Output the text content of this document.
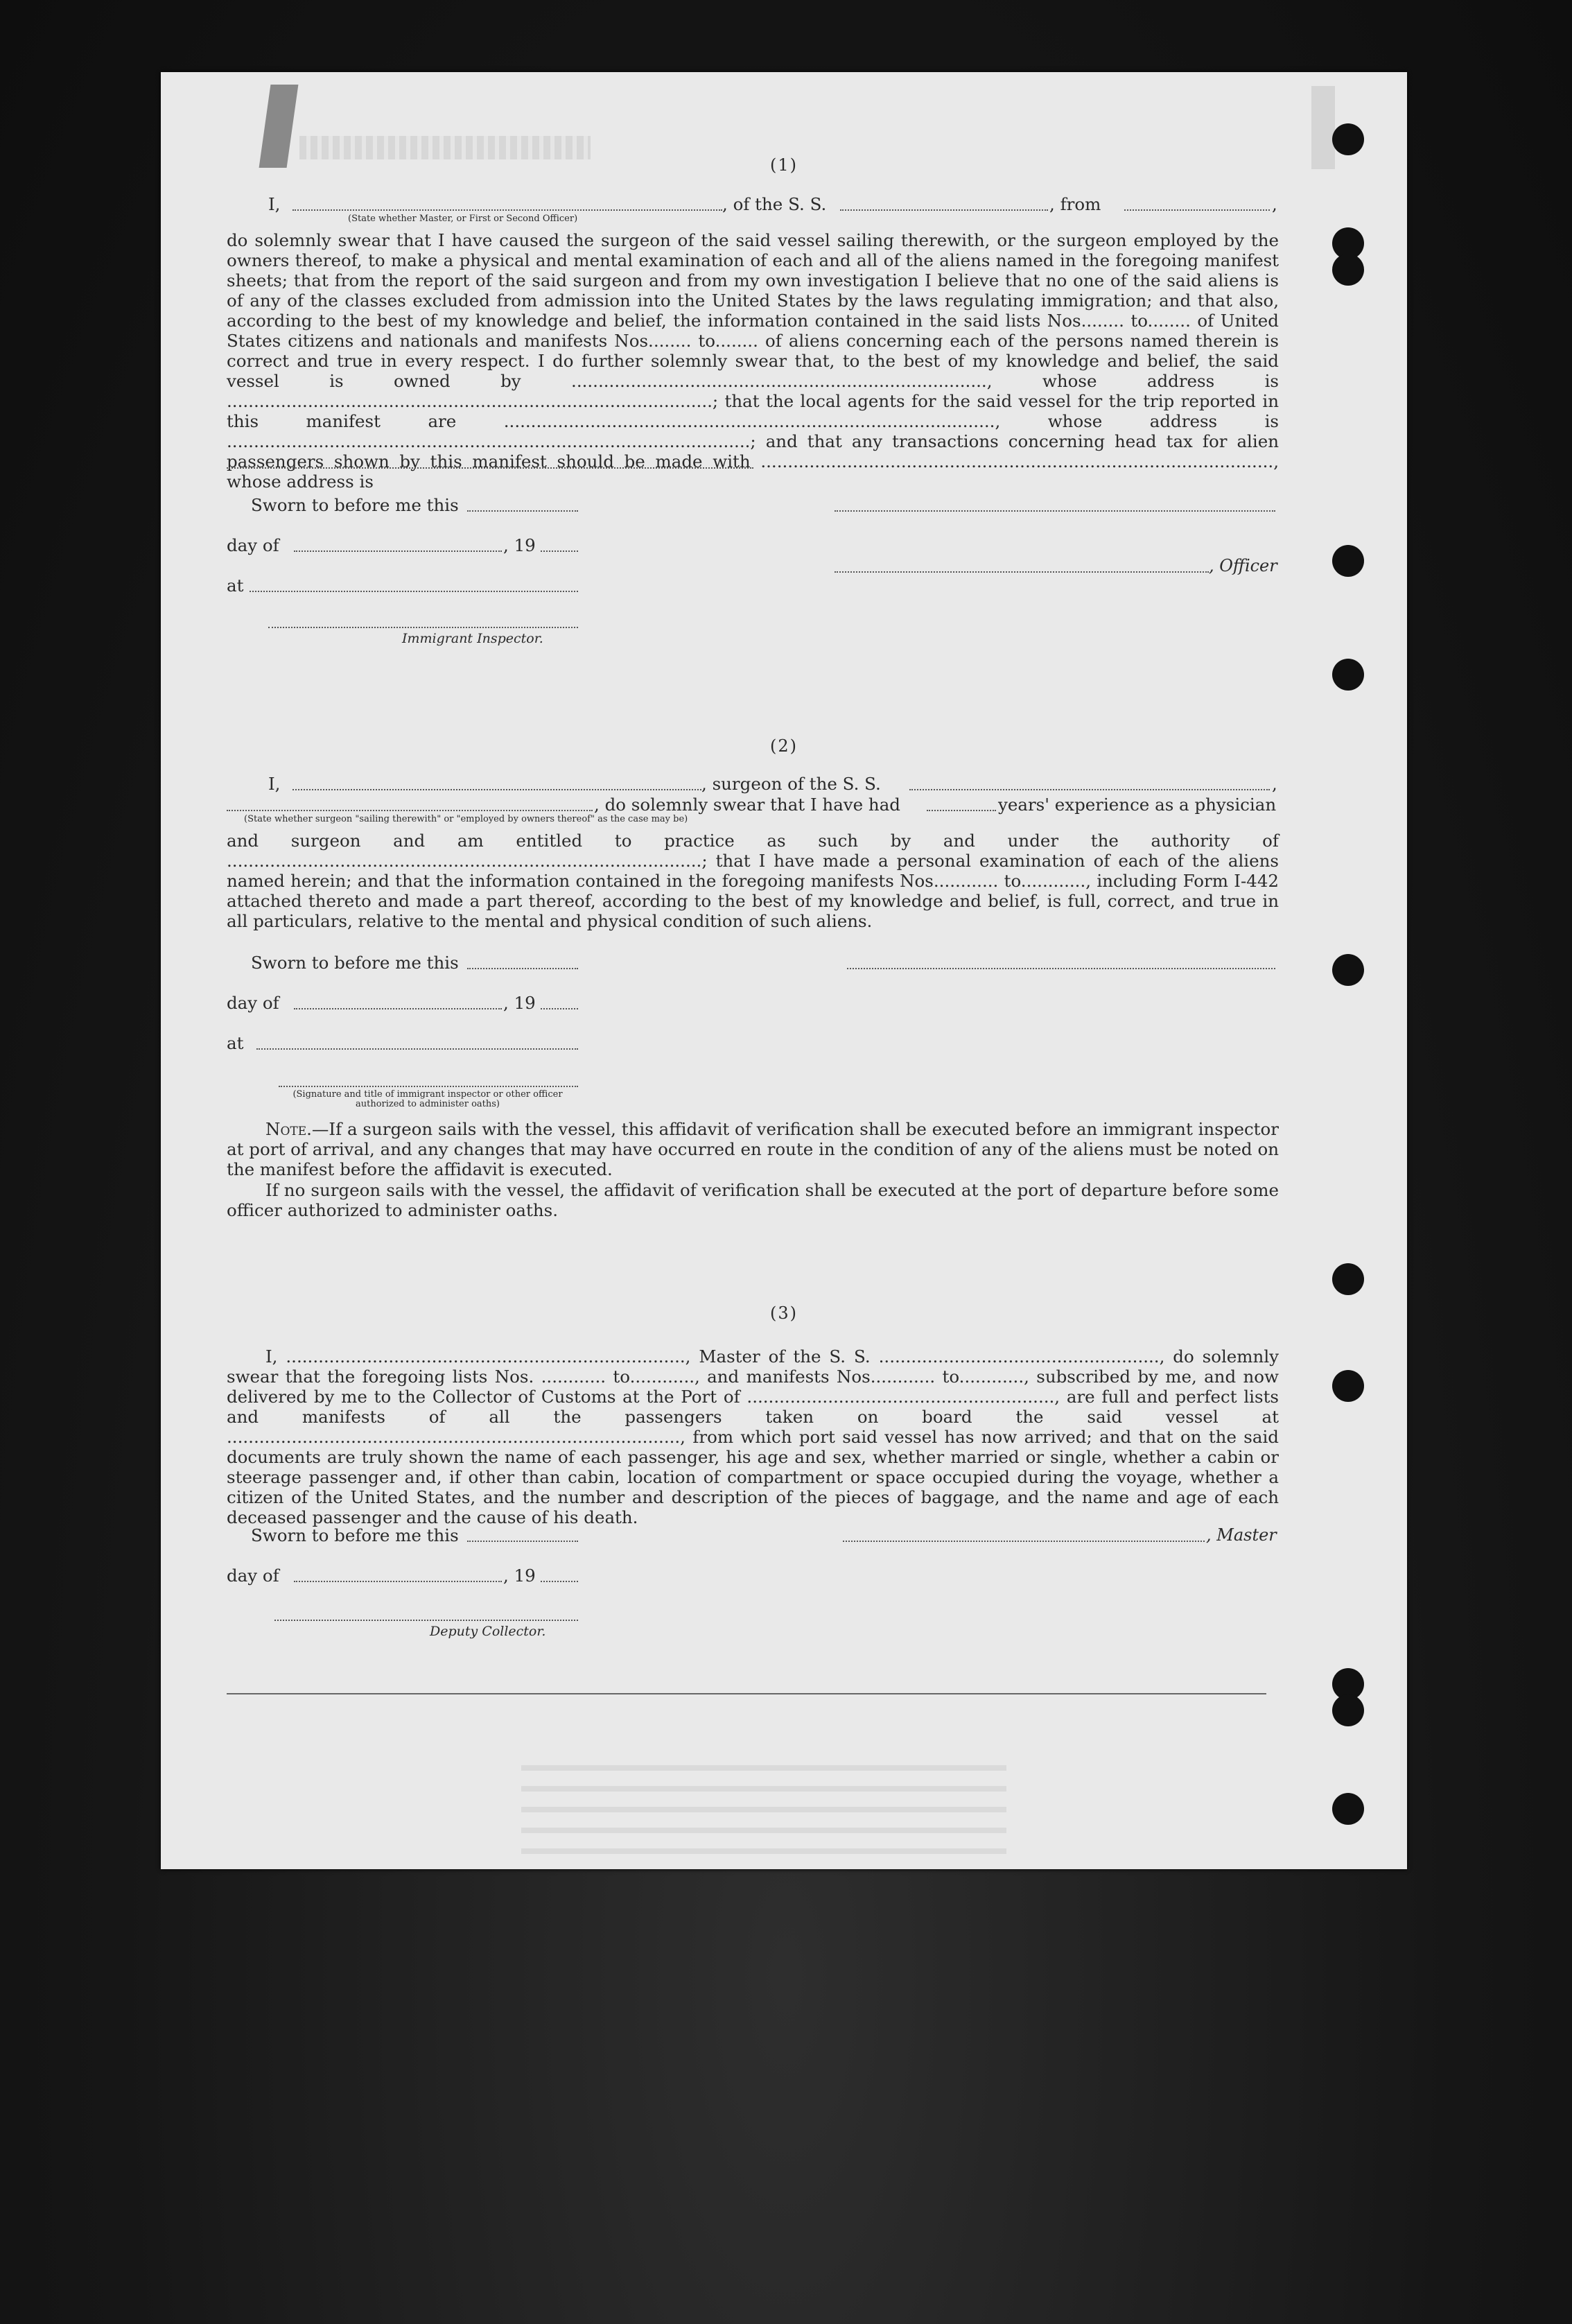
(1)
I,	, of the S. S.	, from	,
(State whether Master, or First or Second Officer)
do solemnly swear that I have caused the surgeon of the said vessel sailing therewith, or the surgeon employed by the owners thereof, to make a physical and mental examination of each and all of the aliens named in the foregoing manifest sheets; that from the report of the said surgeon and from my own investigation I believe that no one of the said aliens is of any of the classes excluded from admission into the United States by the laws regulating immigration; and that also, according to the best of my knowledge and belief, the information contained in the said lists Nos........ to........ of United States citizens and nationals and manifests Nos........ to........ of aliens concerning each of the persons named therein is correct and true in every respect. I do further solemnly swear that, to the best of my knowledge and belief, the said vessel is owned by ............................................................................., whose address is ..........................................................................................; that the local agents for the said vessel for the trip reported in this manifest are ..........................................................................................., whose address is .................................................................................................; and that any transactions concerning head tax for alien passengers shown by this manifest should be made with ..............................................................................................., whose address is
Sworn to before me this
day of	, 19
, Officer
at
Immigrant Inspector.
(2)
I,	, surgeon of the S. S.	,
, do solemnly swear that I have had	years' experience as a physician
(State whether surgeon "sailing therewith" or "employed by owners thereof" as the case may be)
and surgeon and am entitled to practice as such by and under the authority of ........................................................................................; that I have made a personal examination of each of the aliens named herein; and that the information contained in the foregoing manifests Nos............ to............, including Form I-442 attached thereto and made a part thereof, according to the best of my knowledge and belief, is full, correct, and true in all particulars, relative to the mental and physical condition of such aliens.
Sworn to before me this
day of	, 19
at
(Signature and title of immigrant inspector or other officer authorized to administer oaths)
Note.—If a surgeon sails with the vessel, this affidavit of verification shall be executed before an immigrant inspector at port of arrival, and any changes that may have occurred en route in the condition of any of the aliens must be noted on the manifest before the affidavit is executed.
If no surgeon sails with the vessel, the affidavit of verification shall be executed at the port of departure before some officer authorized to administer oaths.
(3)
I, .........................................................................., Master of the S. S. ...................................................., do solemnly swear that the foregoing lists Nos. ............ to............, and manifests Nos............ to............, subscribed by me, and now delivered by me to the Collector of Customs at the Port of ........................................................., are full and perfect lists and manifests of all the passengers taken on board the said vessel at ...................................................................................., from which port said vessel has now arrived; and that on the said documents are truly shown the name of each passenger, his age and sex, whether married or single, whether a cabin or steerage passenger and, if other than cabin, location of compartment or space occupied during the voyage, whether a citizen of the United States, and the number and description of the pieces of baggage, and the name and age of each deceased passenger and the cause of his death.
Sworn to before me this	, Master
day of	, 19
Deputy Collector.
